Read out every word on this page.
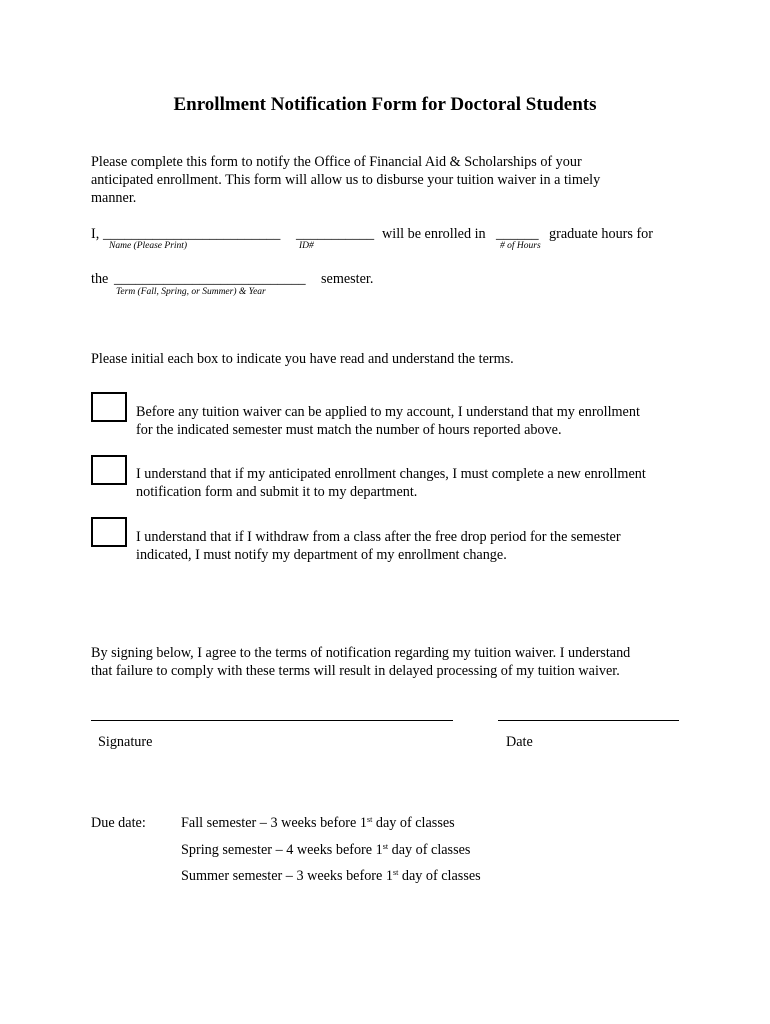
Enrollment Notification Form for Doctoral Students
Please complete this form to notify the Office of Financial Aid & Scholarships of your
anticipated enrollment. This form will allow us to disburse your tuition waiver in a timely
manner.
I, _________________________ ___________ will be enrolled in ______ graduate hours for
Name (Please Print)	ID#	# of Hours
the ___________________________ semester.
Term (Fall, Spring, or Summer) & Year
Please initial each box to indicate you have read and understand the terms.
Before any tuition waiver can be applied to my account, I understand that my enrollment
for the indicated semester must match the number of hours reported above.
I understand that if my anticipated enrollment changes, I must complete a new enrollment
notification form and submit it to my department.
I understand that if I withdraw from a class after the free drop period for the semester
indicated, I must notify my department of my enrollment change.
By signing below, I agree to the terms of notification regarding my tuition waiver. I understand
that failure to comply with these terms will result in delayed processing of my tuition waiver.
Signature	Date
Due date: Fall semester – 3 weeks before 1st day of classes
Spring semester – 4 weeks before 1st day of classes
Summer semester – 3 weeks before 1st day of classes
